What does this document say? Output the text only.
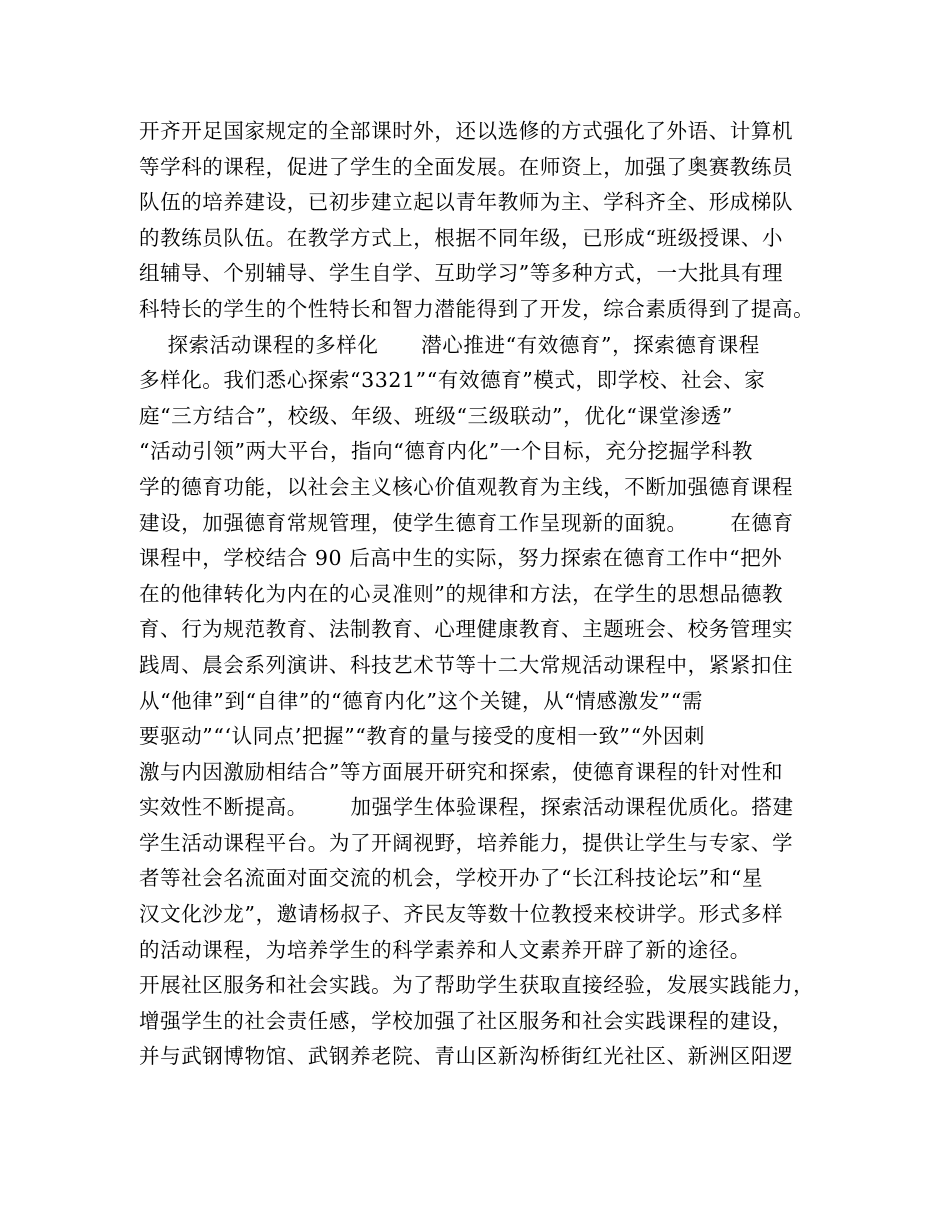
开齐开足国家规定的全部课时外，还以选修的方式强化了外语、计算机
等学科的课程，促进了学生的全面发展。在师资上，加强了奥赛教练员
队伍的培养建设，已初步建立起以青年教师为主、学科齐全、形成梯队
的教练员队伍。在教学方式上，根据不同年级，已形成“班级授课、小
组辅导、个别辅导、学生自学、互助学习”等多种方式，一大批具有理
科特长的学生的个性特长和智力潜能得到了开发，综合素质得到了提高。
探索活动课程的多样化      潜心推进“有效德育”，探索德育课程
多样化。我们悉心探索“3321”“有效德育”模式，即学校、社会、家
庭“三方结合”，校级、年级、班级“三级联动”，优化“课堂渗透”
“活动引领”两大平台，指向“德育内化”一个目标，充分挖掘学科教
学的德育功能，以社会主义核心价值观教育为主线，不断加强德育课程
建设，加强德育常规管理，使学生德育工作呈现新的面貌。      在德育
课程中，学校结合 90 后高中生的实际，努力探索在德育工作中“把外
在的他律转化为内在的心灵准则”的规律和方法，在学生的思想品德教
育、行为规范教育、法制教育、心理健康教育、主题班会、校务管理实
践周、晨会系列演讲、科技艺术节等十二大常规活动课程中，紧紧扣住
从“他律”到“自律”的“德育内化”这个关键，从“情感激发”“需
要驱动”“‘认同点’把握”“教育的量与接受的度相一致”“外因刺
激与内因激励相结合”等方面展开研究和探索，使德育课程的针对性和
实效性不断提高。      加强学生体验课程，探索活动课程优质化。搭建
学生活动课程平台。为了开阔视野，培养能力，提供让学生与专家、学
者等社会名流面对面交流的机会，学校开办了“长江科技论坛”和“星
汉文化沙龙”，邀请杨叔子、齐民友等数十位教授来校讲学。形式多样
的活动课程，为培养学生的科学素养和人文素养开辟了新的途径。
开展社区服务和社会实践。为了帮助学生获取直接经验，发展实践能力，
增强学生的社会责任感，学校加强了社区服务和社会实践课程的建设，
并与武钢博物馆、武钢养老院、青山区新沟桥街红光社区、新洲区阳逻
